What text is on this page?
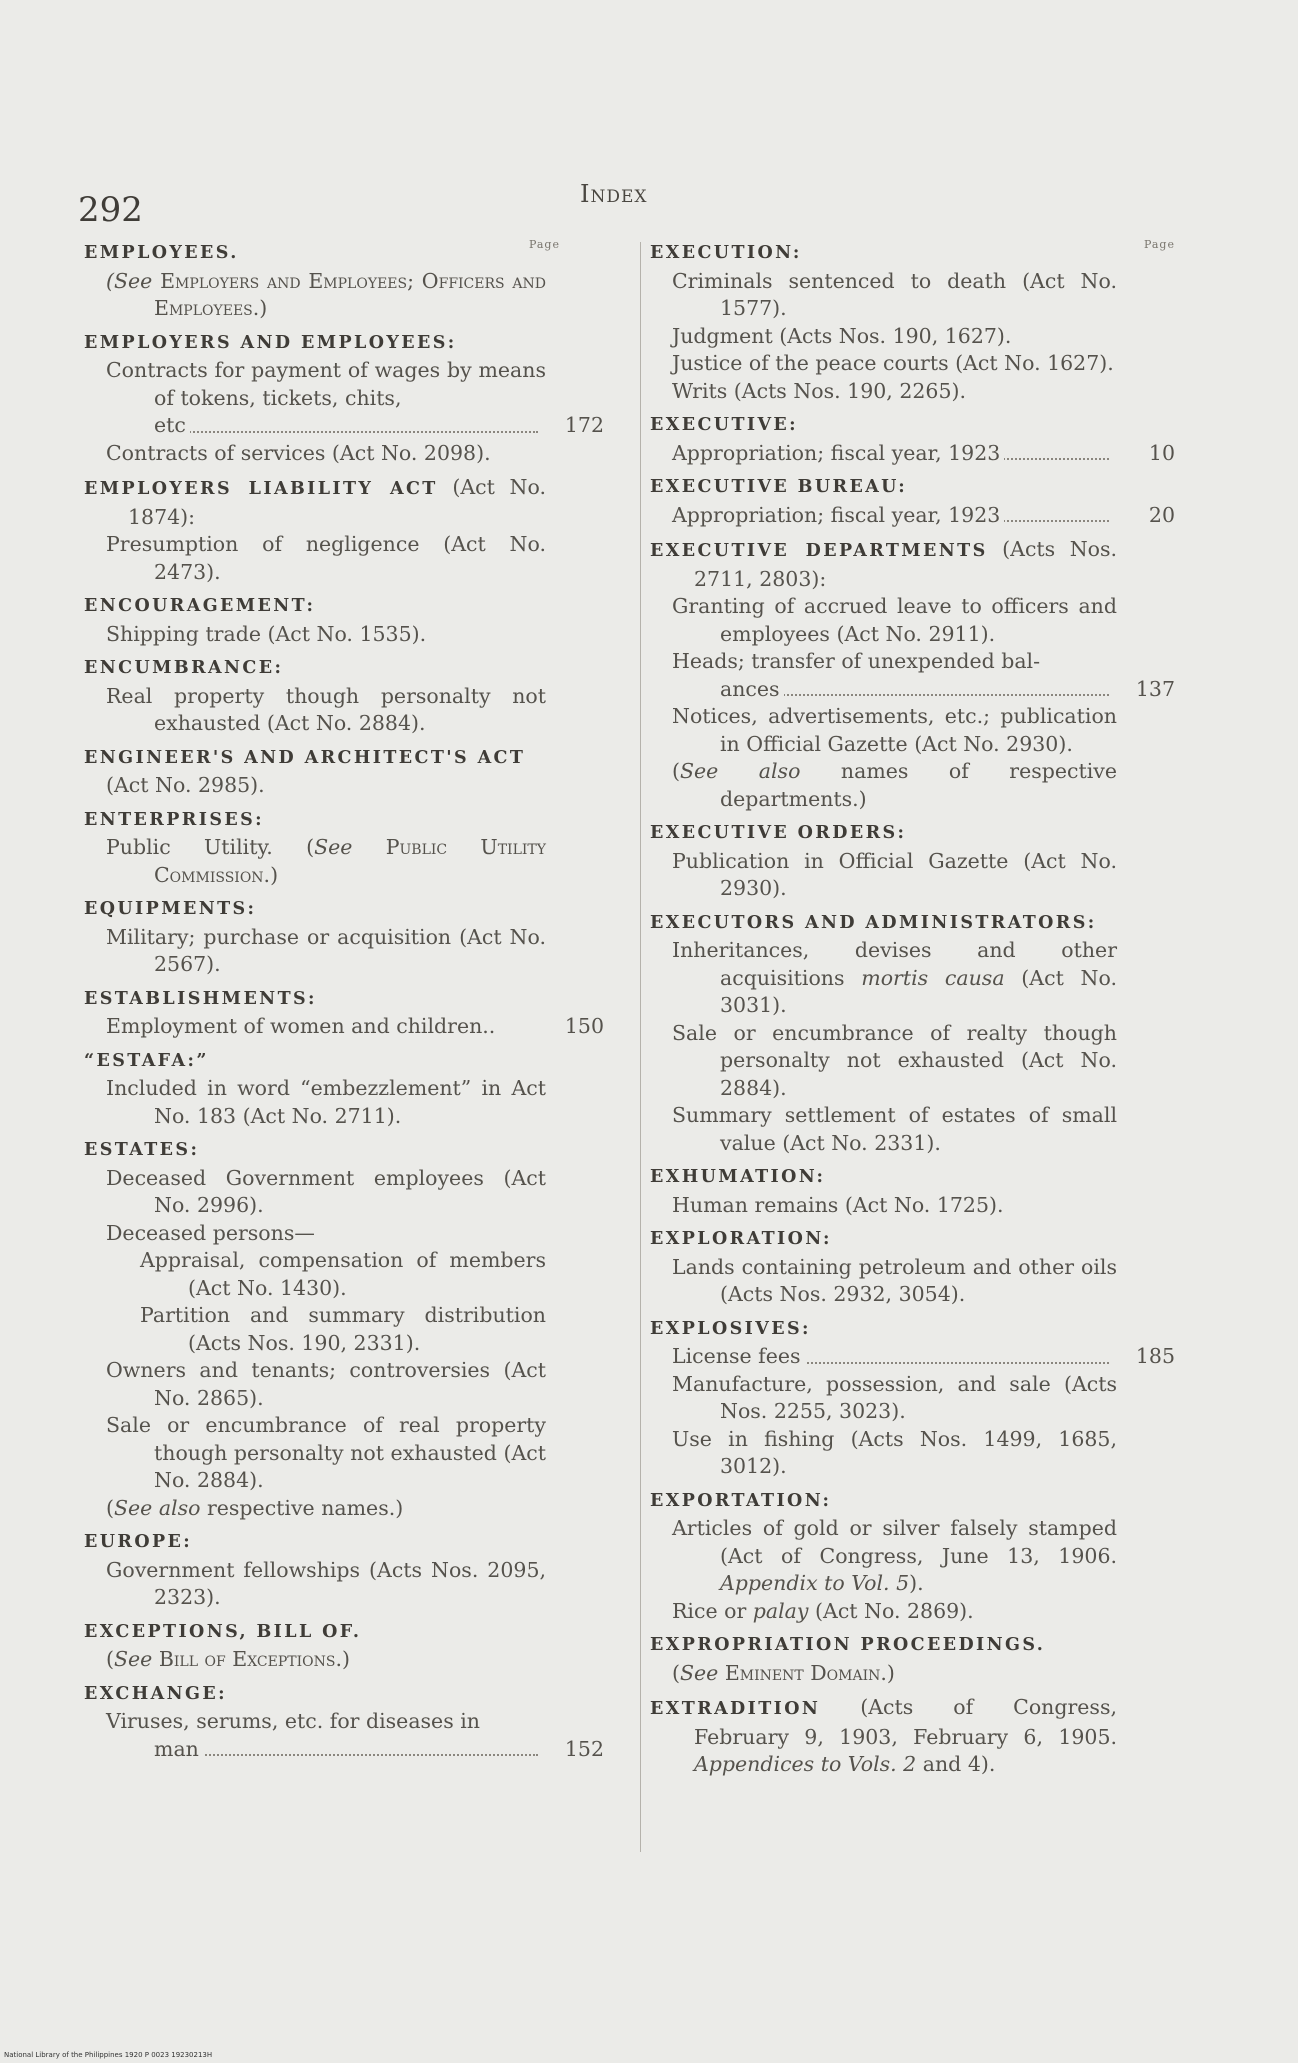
292	Index
Page
EMPLOYEES.
(See Employers and Employees; Officers and Employees.)
EMPLOYERS AND EMPLOYEES:
Contracts for payment of wages by means of tokens, tickets, chits,
etc	172
Contracts of services (Act No. 2098).
EMPLOYERS LIABILITY ACT (Act No. 1874):
Presumption of negligence (Act No. 2473).
ENCOURAGEMENT:
Shipping trade (Act No. 1535).
ENCUMBRANCE:
Real property though personalty not exhausted (Act No. 2884).
ENGINEER'S AND ARCHITECT'S ACT
(Act No. 2985).
ENTERPRISES:
Public Utility. (See Public Utility Commission.)
EQUIPMENTS:
Military; purchase or acquisition (Act No. 2567).
ESTABLISHMENTS:
Employment of women and children..	150
“ESTAFA:”
Included in word “embezzlement” in Act No. 183 (Act No. 2711).
ESTATES:
Deceased Government employees (Act No. 2996).
Deceased persons—
Appraisal, compensation of members (Act No. 1430).
Partition and summary distribution (Acts Nos. 190, 2331).
Owners and tenants; controversies (Act No. 2865).
Sale or encumbrance of real property though personalty not exhausted (Act No. 2884).
(See also respective names.)
EUROPE:
Government fellowships (Acts Nos. 2095, 2323).
EXCEPTIONS, BILL OF.
(See Bill of Exceptions.)
EXCHANGE:
Viruses, serums, etc. for diseases in
man	152
Page
EXECUTION:
Criminals sentenced to death (Act No. 1577).
Judgment (Acts Nos. 190, 1627).
Justice of the peace courts (Act No. 1627).
Writs (Acts Nos. 190, 2265).
EXECUTIVE:
Appropriation; fiscal year, 1923	10
EXECUTIVE BUREAU:
Appropriation; fiscal year, 1923	20
EXECUTIVE DEPARTMENTS (Acts Nos. 2711, 2803):
Granting of accrued leave to officers and employees (Act No. 2911).
Heads; transfer of unexpended bal-
ances	137
Notices, advertisements, etc.; publication in Official Gazette (Act No. 2930).
(See also names of respective departments.)
EXECUTIVE ORDERS:
Publication in Official Gazette (Act No. 2930).
EXECUTORS AND ADMINISTRATORS:
Inheritances, devises and other acquisitions mortis causa (Act No. 3031).
Sale or encumbrance of realty though personalty not exhausted (Act No. 2884).
Summary settlement of estates of small value (Act No. 2331).
EXHUMATION:
Human remains (Act No. 1725).
EXPLORATION:
Lands containing petroleum and other oils (Acts Nos. 2932, 3054).
EXPLOSIVES:
License fees	185
Manufacture, possession, and sale (Acts Nos. 2255, 3023).
Use in fishing (Acts Nos. 1499, 1685, 3012).
EXPORTATION:
Articles of gold or silver falsely stamped (Act of Congress, June 13, 1906. Appendix to Vol. 5).
Rice or palay (Act No. 2869).
EXPROPRIATION PROCEEDINGS.
(See Eminent Domain.)
EXTRADITION (Acts of Congress, February 9, 1903, February 6, 1905. Appendices to Vols. 2 and 4).
National Library of the Philippines 1920 P 0023 19230213H
